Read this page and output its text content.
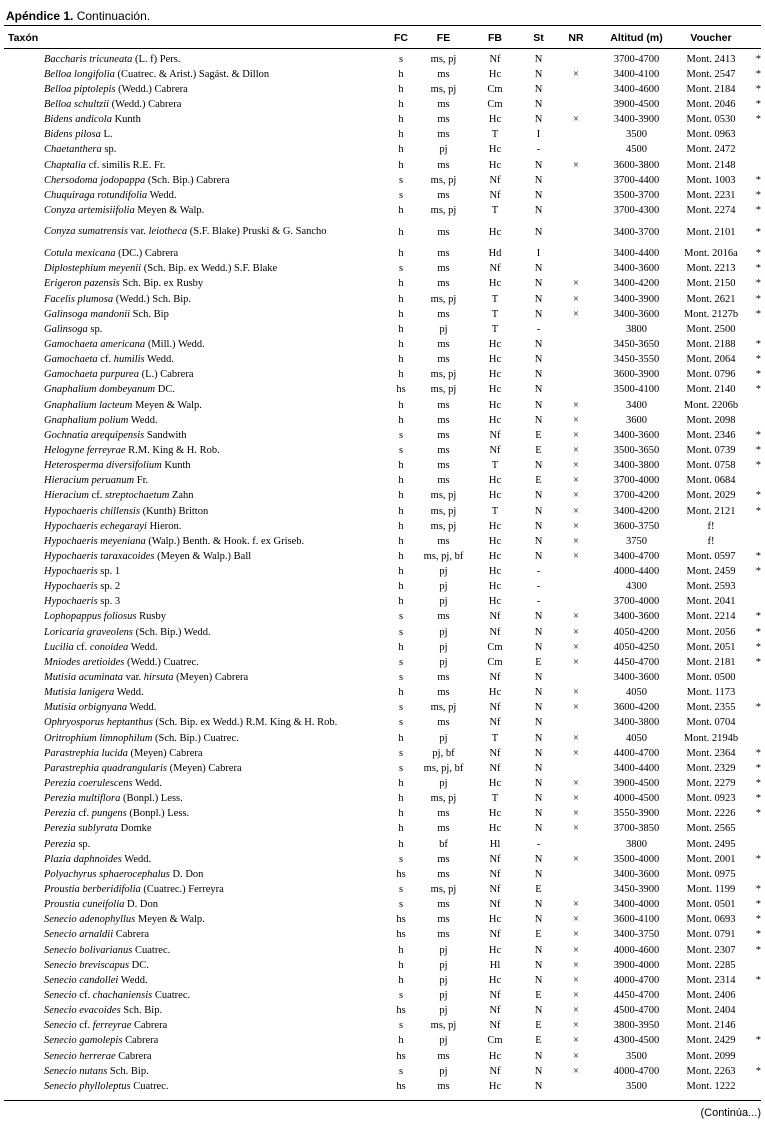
Apéndice 1. Continuación.
Taxón	FC	FE	FB	St	NR	Altitud (m)	Voucher	
	Baccharis tricuneata (L. f) Pers.	s	ms, pj	Nf	N		3700-4700	Mont. 2413	*
	Belloa longifolia (Cuatrec. & Arist.) Sagást. & Dillon	h	ms	Hc	N	×	3400-4100	Mont. 2547	*
	Belloa piptolepis (Wedd.) Cabrera	h	ms, pj	Cm	N		3400-4600	Mont. 2184	*
	Belloa schultzii (Wedd.) Cabrera	h	ms	Cm	N		3900-4500	Mont. 2046	*
	Bidens andicola Kunth	h	ms	Hc	N	×	3400-3900	Mont. 0530	*
	Bidens pilosa L.	h	ms	T	I		3500	Mont. 0963	
	Chaetanthera sp.	h	pj	Hc	-		4500	Mont. 2472	
	Chaptalia cf. similis R.E. Fr.	h	ms	Hc	N	×	3600-3800	Mont. 2148	
	Chersodoma jodopappa (Sch. Bip.) Cabrera	s	ms, pj	Nf	N		3700-4400	Mont. 1003	*
	Chuquiraga rotundifolia Wedd.	s	ms	Nf	N		3500-3700	Mont. 2231	*
	Conyza artemisiifolia Meyen & Walp.	h	ms, pj	T	N		3700-4300	Mont. 2274	*
	Conyza sumatrensis var. leiotheca (S.F. Blake) Pruski & G. Sancho	h	ms	Hc	N		3400-3700	Mont. 2101	*
	Cotula mexicana (DC.) Cabrera	h	ms	Hd	I		3400-4400	Mont. 2016a	*
	Diplostephium meyenii (Sch. Bip. ex Wedd.) S.F. Blake	s	ms	Nf	N		3400-3600	Mont. 2213	*
	Erigeron pazensis Sch. Bip. ex Rusby	h	ms	Hc	N	×	3400-4200	Mont. 2150	*
	Facelis plumosa (Wedd.) Sch. Bip.	h	ms, pj	T	N	×	3400-3900	Mont. 2621	*
	Galinsoga mandonii Sch. Bip	h	ms	T	N	×	3400-3600	Mont. 2127b	*
	Galinsoga sp.	h	pj	T	-		3800	Mont. 2500	
	Gamochaeta americana (Mill.) Wedd.	h	ms	Hc	N		3450-3650	Mont. 2188	*
	Gamochaeta cf. humilis Wedd.	h	ms	Hc	N		3450-3550	Mont. 2064	*
	Gamochaeta purpurea (L.) Cabrera	h	ms, pj	Hc	N		3600-3900	Mont. 0796	*
	Gnaphalium dombeyanum DC.	hs	ms, pj	Hc	N		3500-4100	Mont. 2140	*
	Gnaphalium lacteum Meyen & Walp.	h	ms	Hc	N	×	3400	Mont. 2206b	
	Gnaphalium polium Wedd.	h	ms	Hc	N	×	3600	Mont. 2098	
	Gochnatia arequipensis Sandwith	s	ms	Nf	E	×	3400-3600	Mont. 2346	*
	Helogyne ferreyrae R.M. King & H. Rob.	s	ms	Nf	E	×	3500-3650	Mont. 0739	*
	Heterosperma diversifolium Kunth	h	ms	T	N	×	3400-3800	Mont. 0758	*
	Hieracium peruanum Fr.	h	ms	Hc	E	×	3700-4000	Mont. 0684	
	Hieracium cf. streptochaetum Zahn	h	ms, pj	Hc	N	×	3700-4200	Mont. 2029	*
	Hypochaeris chillensis (Kunth) Britton	h	ms, pj	T	N	×	3400-4200	Mont. 2121	*
	Hypochaeris echegarayi Hieron.	h	ms, pj	Hc	N	×	3600-3750	f!	
	Hypochaeris meyeniana (Walp.) Benth. & Hook. f. ex Griseb.	h	ms	Hc	N	×	3750	f!	
	Hypochaeris taraxacoides (Meyen & Walp.) Ball	h	ms, pj, bf	Hc	N	×	3400-4700	Mont. 0597	*
	Hypochaeris sp. 1	h	pj	Hc	-		4000-4400	Mont. 2459	*
	Hypochaeris sp. 2	h	pj	Hc	-		4300	Mont. 2593	
	Hypochaeris sp. 3	h	pj	Hc	-		3700-4000	Mont. 2041	
	Lophopappus foliosus Rusby	s	ms	Nf	N	×	3400-3600	Mont. 2214	*
	Loricaria graveolens (Sch. Bip.) Wedd.	s	pj	Nf	N	×	4050-4200	Mont. 2056	*
	Lucilia cf. conoidea Wedd.	h	pj	Cm	N	×	4050-4250	Mont. 2051	*
	Mniodes aretioides (Wedd.) Cuatrec.	s	pj	Cm	E	×	4450-4700	Mont. 2181	*
	Mutisia acuminata var. hirsuta (Meyen) Cabrera	s	ms	Nf	N		3400-3600	Mont. 0500	
	Mutisia lanigera Wedd.	h	ms	Hc	N	×	4050	Mont. 1173	
	Mutisia orbignyana Wedd.	s	ms, pj	Nf	N	×	3600-4200	Mont. 2355	*
	Ophryosporus heptanthus (Sch. Bip. ex Wedd.) R.M. King & H. Rob.	s	ms	Nf	N		3400-3800	Mont. 0704	
	Oritrophium limnophilum (Sch. Bip.) Cuatrec.	h	pj	T	N	×	4050	Mont. 2194b	
	Parastrephia lucida (Meyen) Cabrera	s	pj, bf	Nf	N	×	4400-4700	Mont. 2364	*
	Parastrephia quadrangularis (Meyen) Cabrera	s	ms, pj, bf	Nf	N		3400-4400	Mont. 2329	*
	Perezia coerulescens Wedd.	h	pj	Hc	N	×	3900-4500	Mont. 2279	*
	Perezia multiflora (Bonpl.) Less.	h	ms, pj	T	N	×	4000-4500	Mont. 0923	*
	Perezia cf. pungens (Bonpl.) Less.	h	ms	Hc	N	×	3550-3900	Mont. 2226	*
	Perezia sublyrata Domke	h	ms	Hc	N	×	3700-3850	Mont. 2565	
	Perezia sp.	h	bf	Hl	-		3800	Mont. 2495	
	Plazia daphnoides Wedd.	s	ms	Nf	N	×	3500-4000	Mont. 2001	*
	Polyachyrus sphaerocephalus D. Don	hs	ms	Nf	N		3400-3600	Mont. 0975	
	Proustia berberidifolia (Cuatrec.) Ferreyra	s	ms, pj	Nf	E		3450-3900	Mont. 1199	*
	Proustia cuneifolia D. Don	s	ms	Nf	N	×	3400-4000	Mont. 0501	*
	Senecio adenophyllus Meyen & Walp.	hs	ms	Hc	N	×	3600-4100	Mont. 0693	*
	Senecio arnaldii Cabrera	hs	ms	Nf	E	×	3400-3750	Mont. 0791	*
	Senecio bolivarianus Cuatrec.	h	pj	Hc	N	×	4000-4600	Mont. 2307	*
	Senecio breviscapus DC.	h	pj	Hl	N	×	3900-4000	Mont. 2285	
	Senecio candollei Wedd.	h	pj	Hc	N	×	4000-4700	Mont. 2314	*
	Senecio cf. chachaniensis Cuatrec.	s	pj	Nf	E	×	4450-4700	Mont. 2406	
	Senecio evacoides Sch. Bip.	hs	pj	Nf	N	×	4500-4700	Mont. 2404	
	Senecio cf. ferreyrae Cabrera	s	ms, pj	Nf	E	×	3800-3950	Mont. 2146	
	Senecio gamolepis Cabrera	h	pj	Cm	E	×	4300-4500	Mont. 2429	*
	Senecio herrerae Cabrera	hs	ms	Hc	N	×	3500	Mont. 2099	
	Senecio nutans Sch. Bip.	s	pj	Nf	N	×	4000-4700	Mont. 2263	*
	Senecio phylloleptus Cuatrec.	hs	ms	Hc	N		3500	Mont. 1222	
(Continúa...)
